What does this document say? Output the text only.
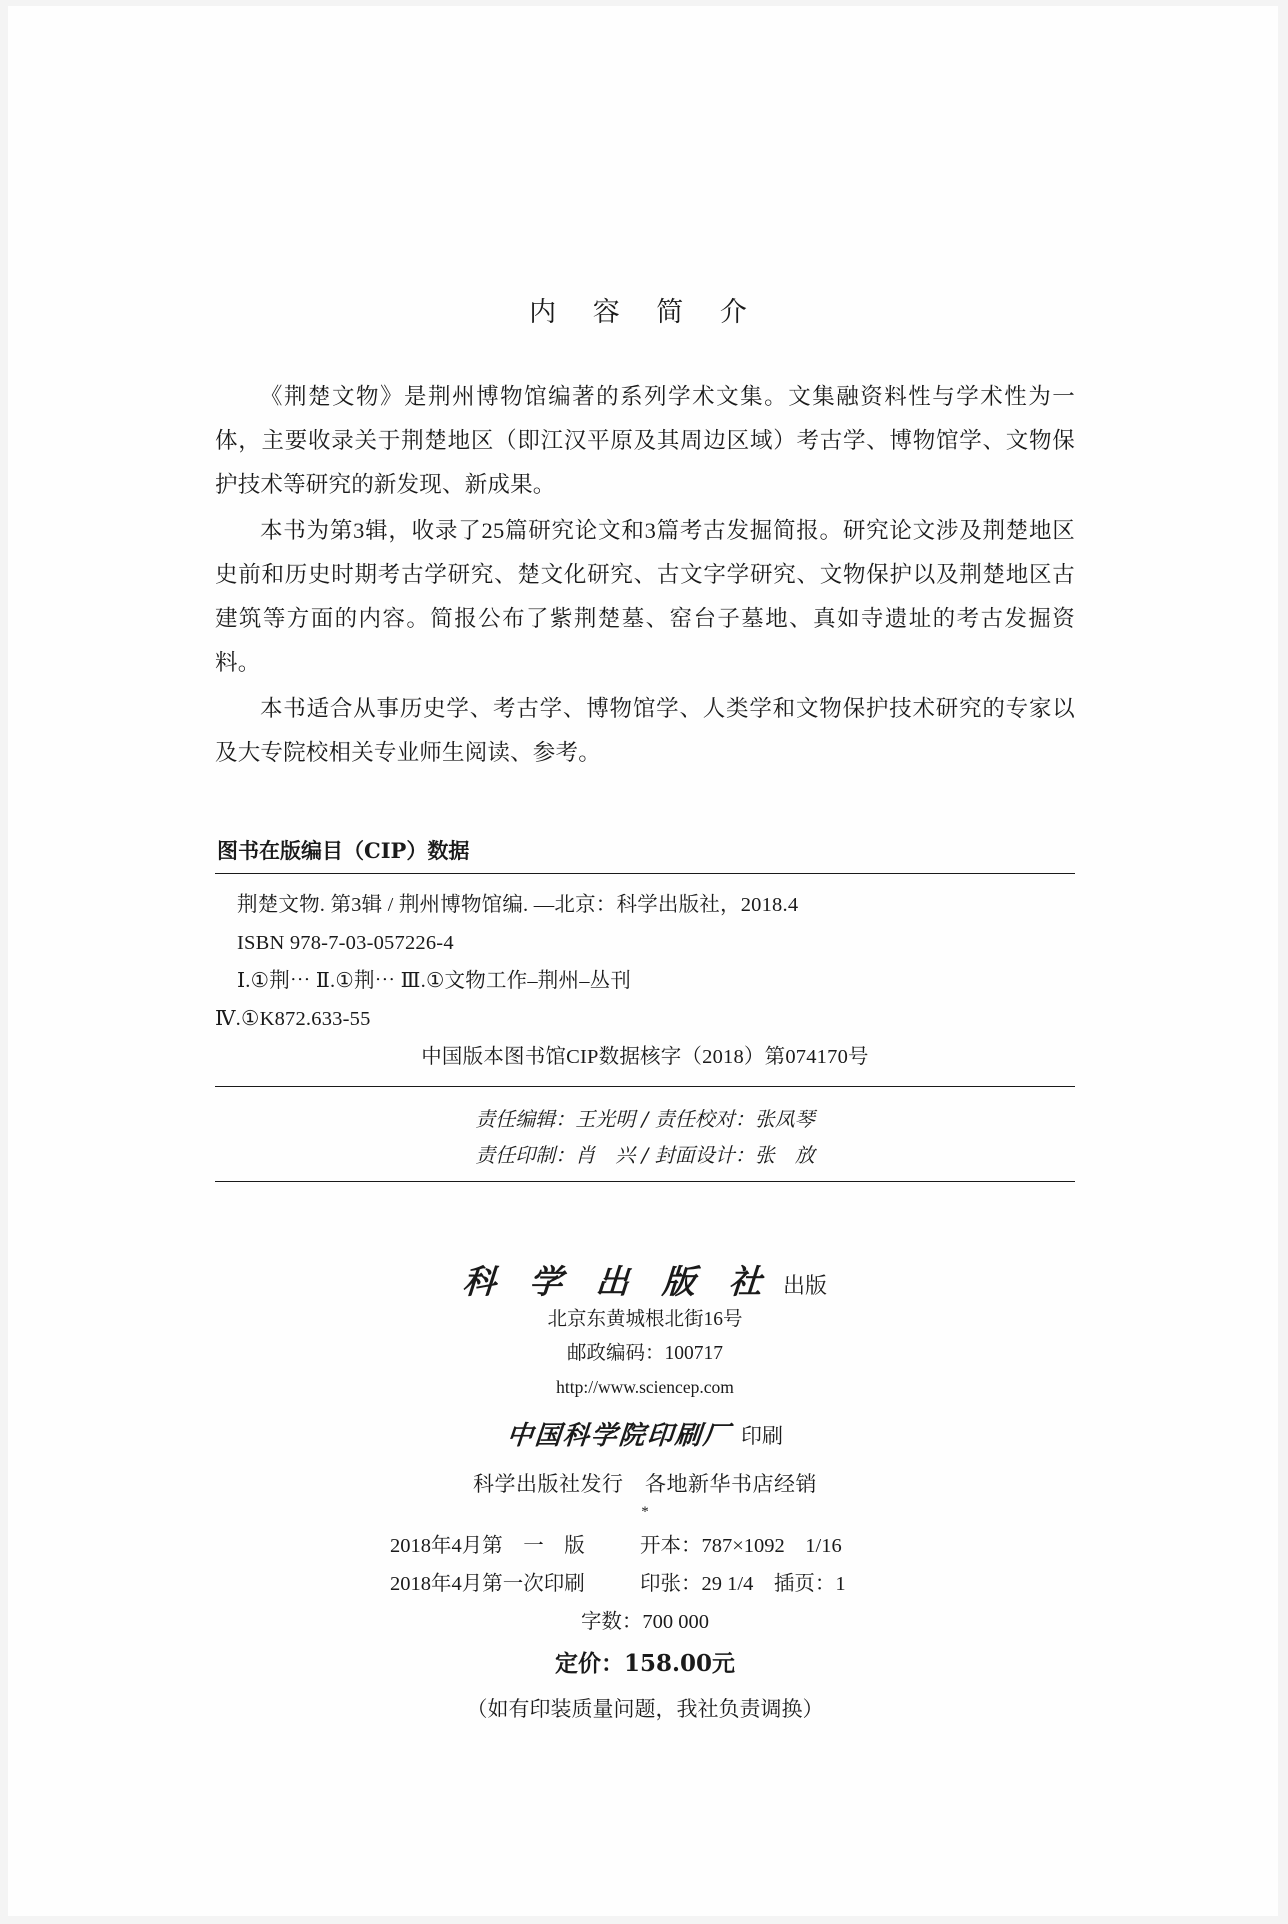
内 容 简 介

《荆楚文物》是荆州博物馆编著的系列学术文集。文集融资料性与学术性为一体，主要收录关于荆楚地区（即江汉平原及其周边区域）考古学、博物馆学、文物保护技术等研究的新发现、新成果。

本书为第3辑，收录了25篇研究论文和3篇考古发掘简报。研究论文涉及荆楚地区史前和历史时期考古学研究、楚文化研究、古文字学研究、文物保护以及荆楚地区古建筑等方面的内容。简报公布了紫荆楚墓、窑台子墓地、真如寺遗址的考古发掘资料。

本书适合从事历史学、考古学、博物馆学、人类学和文物保护技术研究的专家以及大专院校相关专业师生阅读、参考。

图书在版编目（CIP）数据
荆楚文物. 第3辑 / 荆州博物馆编. —北京：科学出版社，2018.4
ISBN 978-7-03-057226-4
Ⅰ.①荆⋯ Ⅱ.①荆⋯ Ⅲ.①文物工作–荆州–丛刊
Ⅳ.①K872.633-55
中国版本图书馆CIP数据核字（2018）第074170号
责任编辑：王光明 / 责任校对：张凤琴
责任印制：肖　兴 / 封面设计：张　放
科 学 出 版 社 出版
北京东黄城根北街16号
邮政编码：100717
http://www.sciencep.com
中国科学院印刷厂 印刷
科学出版社发行　各地新华书店经销
*
2018年4月第　一　版	开本：787×1092　1/16
2018年4月第一次印刷	印张：29 1/4　插页：1
字数：700 000
定价：158.00元
（如有印装质量问题，我社负责调换）
